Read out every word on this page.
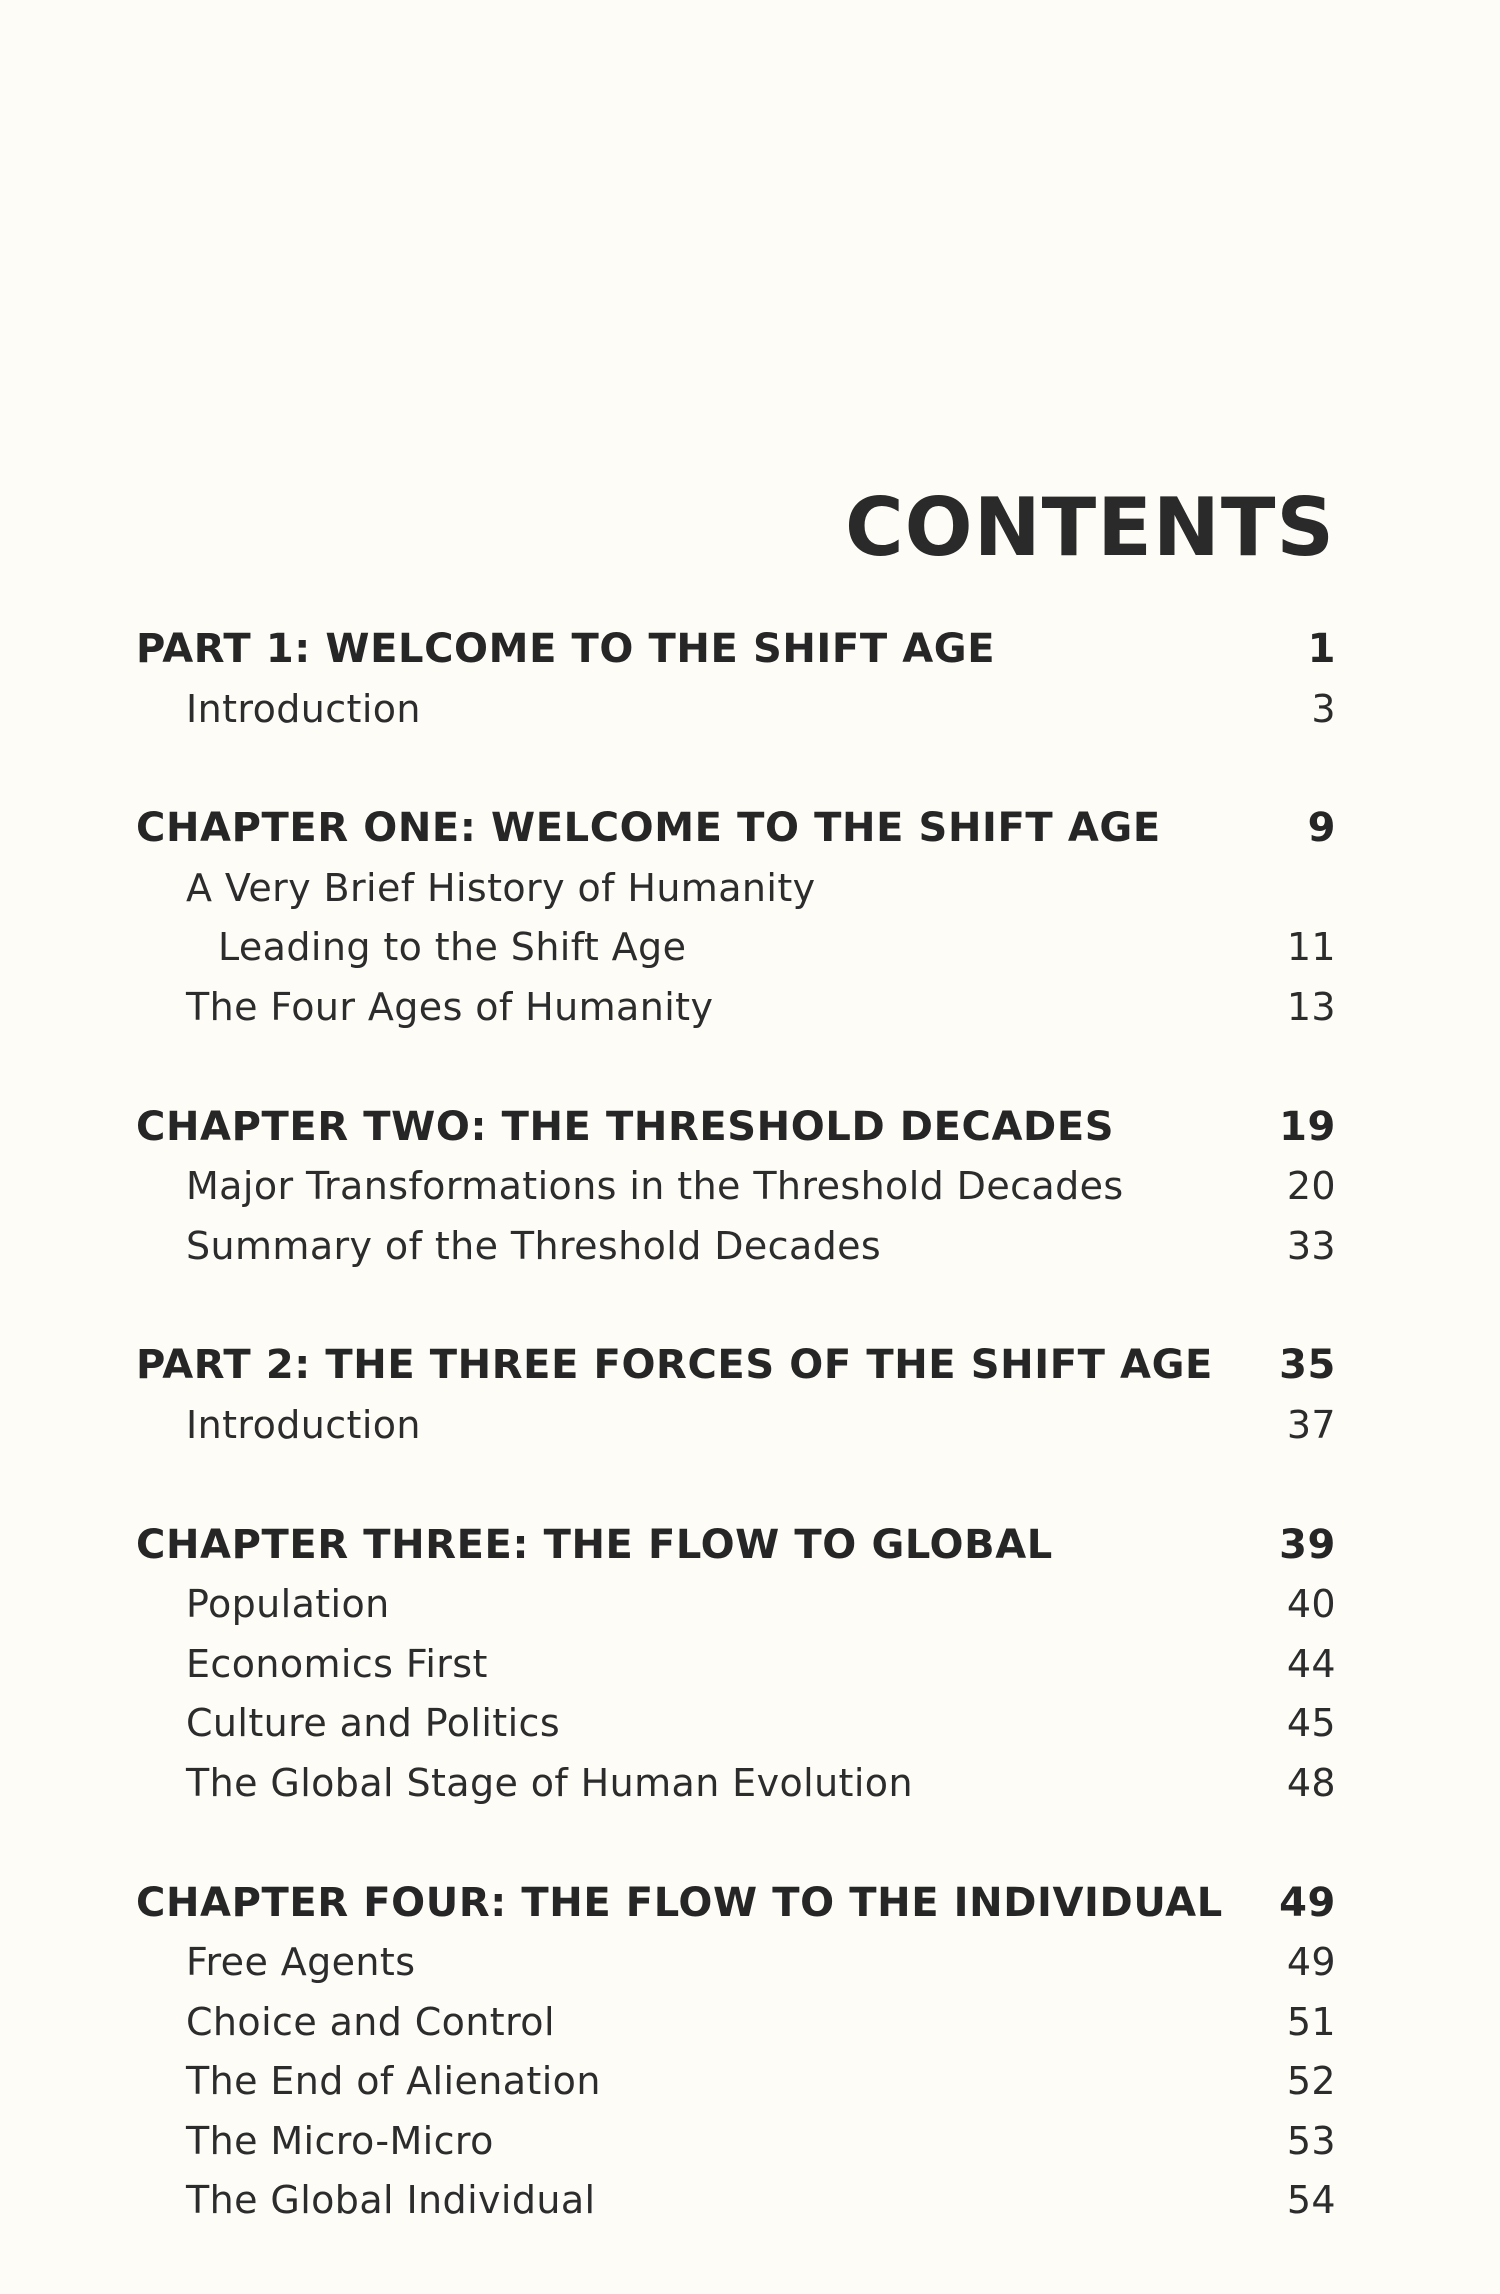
CONTENTS
PART 1: WELCOME TO THE SHIFT AGE	1
Introduction	3
CHAPTER ONE: WELCOME TO THE SHIFT AGE	9
A Very Brief History of Humanity
Leading to the Shift Age	11
The Four Ages of Humanity	13
CHAPTER TWO: THE THRESHOLD DECADES	19
Major Transformations in the Threshold Decades	20
Summary of the Threshold Decades	33
PART 2: THE THREE FORCES OF THE SHIFT AGE 35
Introduction	37
CHAPTER THREE: THE FLOW TO GLOBAL	39
Population	40
Economics First	44
Culture and Politics	45
The Global Stage of Human Evolution	48
CHAPTER FOUR: THE FLOW TO THE INDIVIDUAL 49
Free Agents	49
Choice and Control	51
The End of Alienation	52
The Micro-Micro	53
The Global Individual	54
